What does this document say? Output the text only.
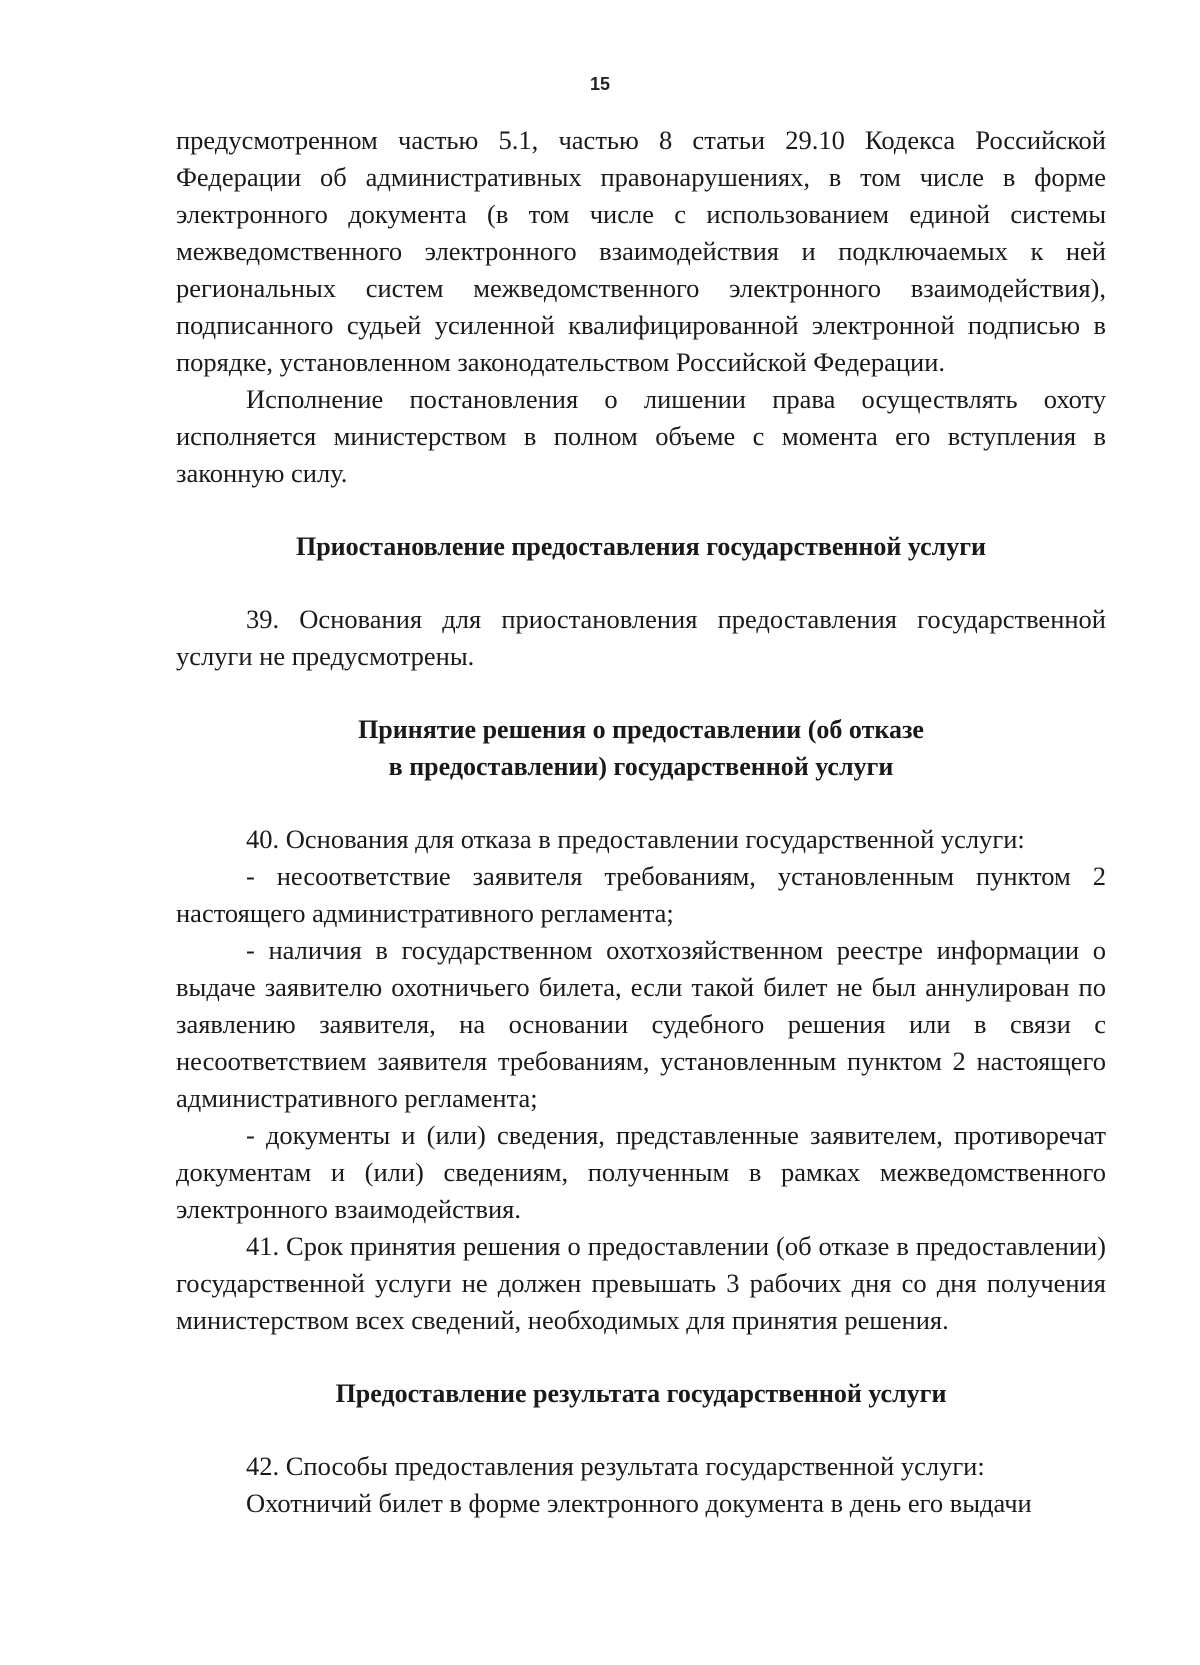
15

предусмотренном частью 5.1, частью 8 статьи 29.10 Кодекса Российской Федерации об административных правонарушениях, в том числе в форме электронного документа (в том числе с использованием единой системы межведомственного электронного взаимодействия и подключаемых к ней региональных систем межведомственного электронного взаимодействия), подписанного судьей усиленной квалифицированной электронной подписью в порядке, установленном законодательством Российской Федерации.

Исполнение постановления о лишении права осуществлять охоту исполняется министерством в полном объеме с момента его вступления в законную силу.

Приостановление предоставления государственной услуги

39. Основания для приостановления предоставления государственной услуги не предусмотрены.

Принятие решения о предоставлении (об отказе
в предоставлении) государственной услуги

40. Основания для отказа в предоставлении государственной услуги:

- несоответствие заявителя требованиям, установленным пунктом 2 настоящего административного регламента;

- наличия в государственном охотхозяйственном реестре информации о выдаче заявителю охотничьего билета, если такой билет не был аннулирован по заявлению заявителя, на основании судебного решения или в связи с несоответствием заявителя требованиям, установленным пунктом 2 настоящего административного регламента;

- документы и (или) сведения, представленные заявителем, противоречат документам и (или) сведениям, полученным в рамках межведомственного электронного взаимодействия.

41. Срок принятия решения о предоставлении (об отказе в предоставлении) государственной услуги не должен превышать 3 рабочих дня со дня получения министерством всех сведений, необходимых для принятия решения.

Предоставление результата государственной услуги

42. Способы предоставления результата государственной услуги:

Охотничий билет в форме электронного документа в день его выдачи
